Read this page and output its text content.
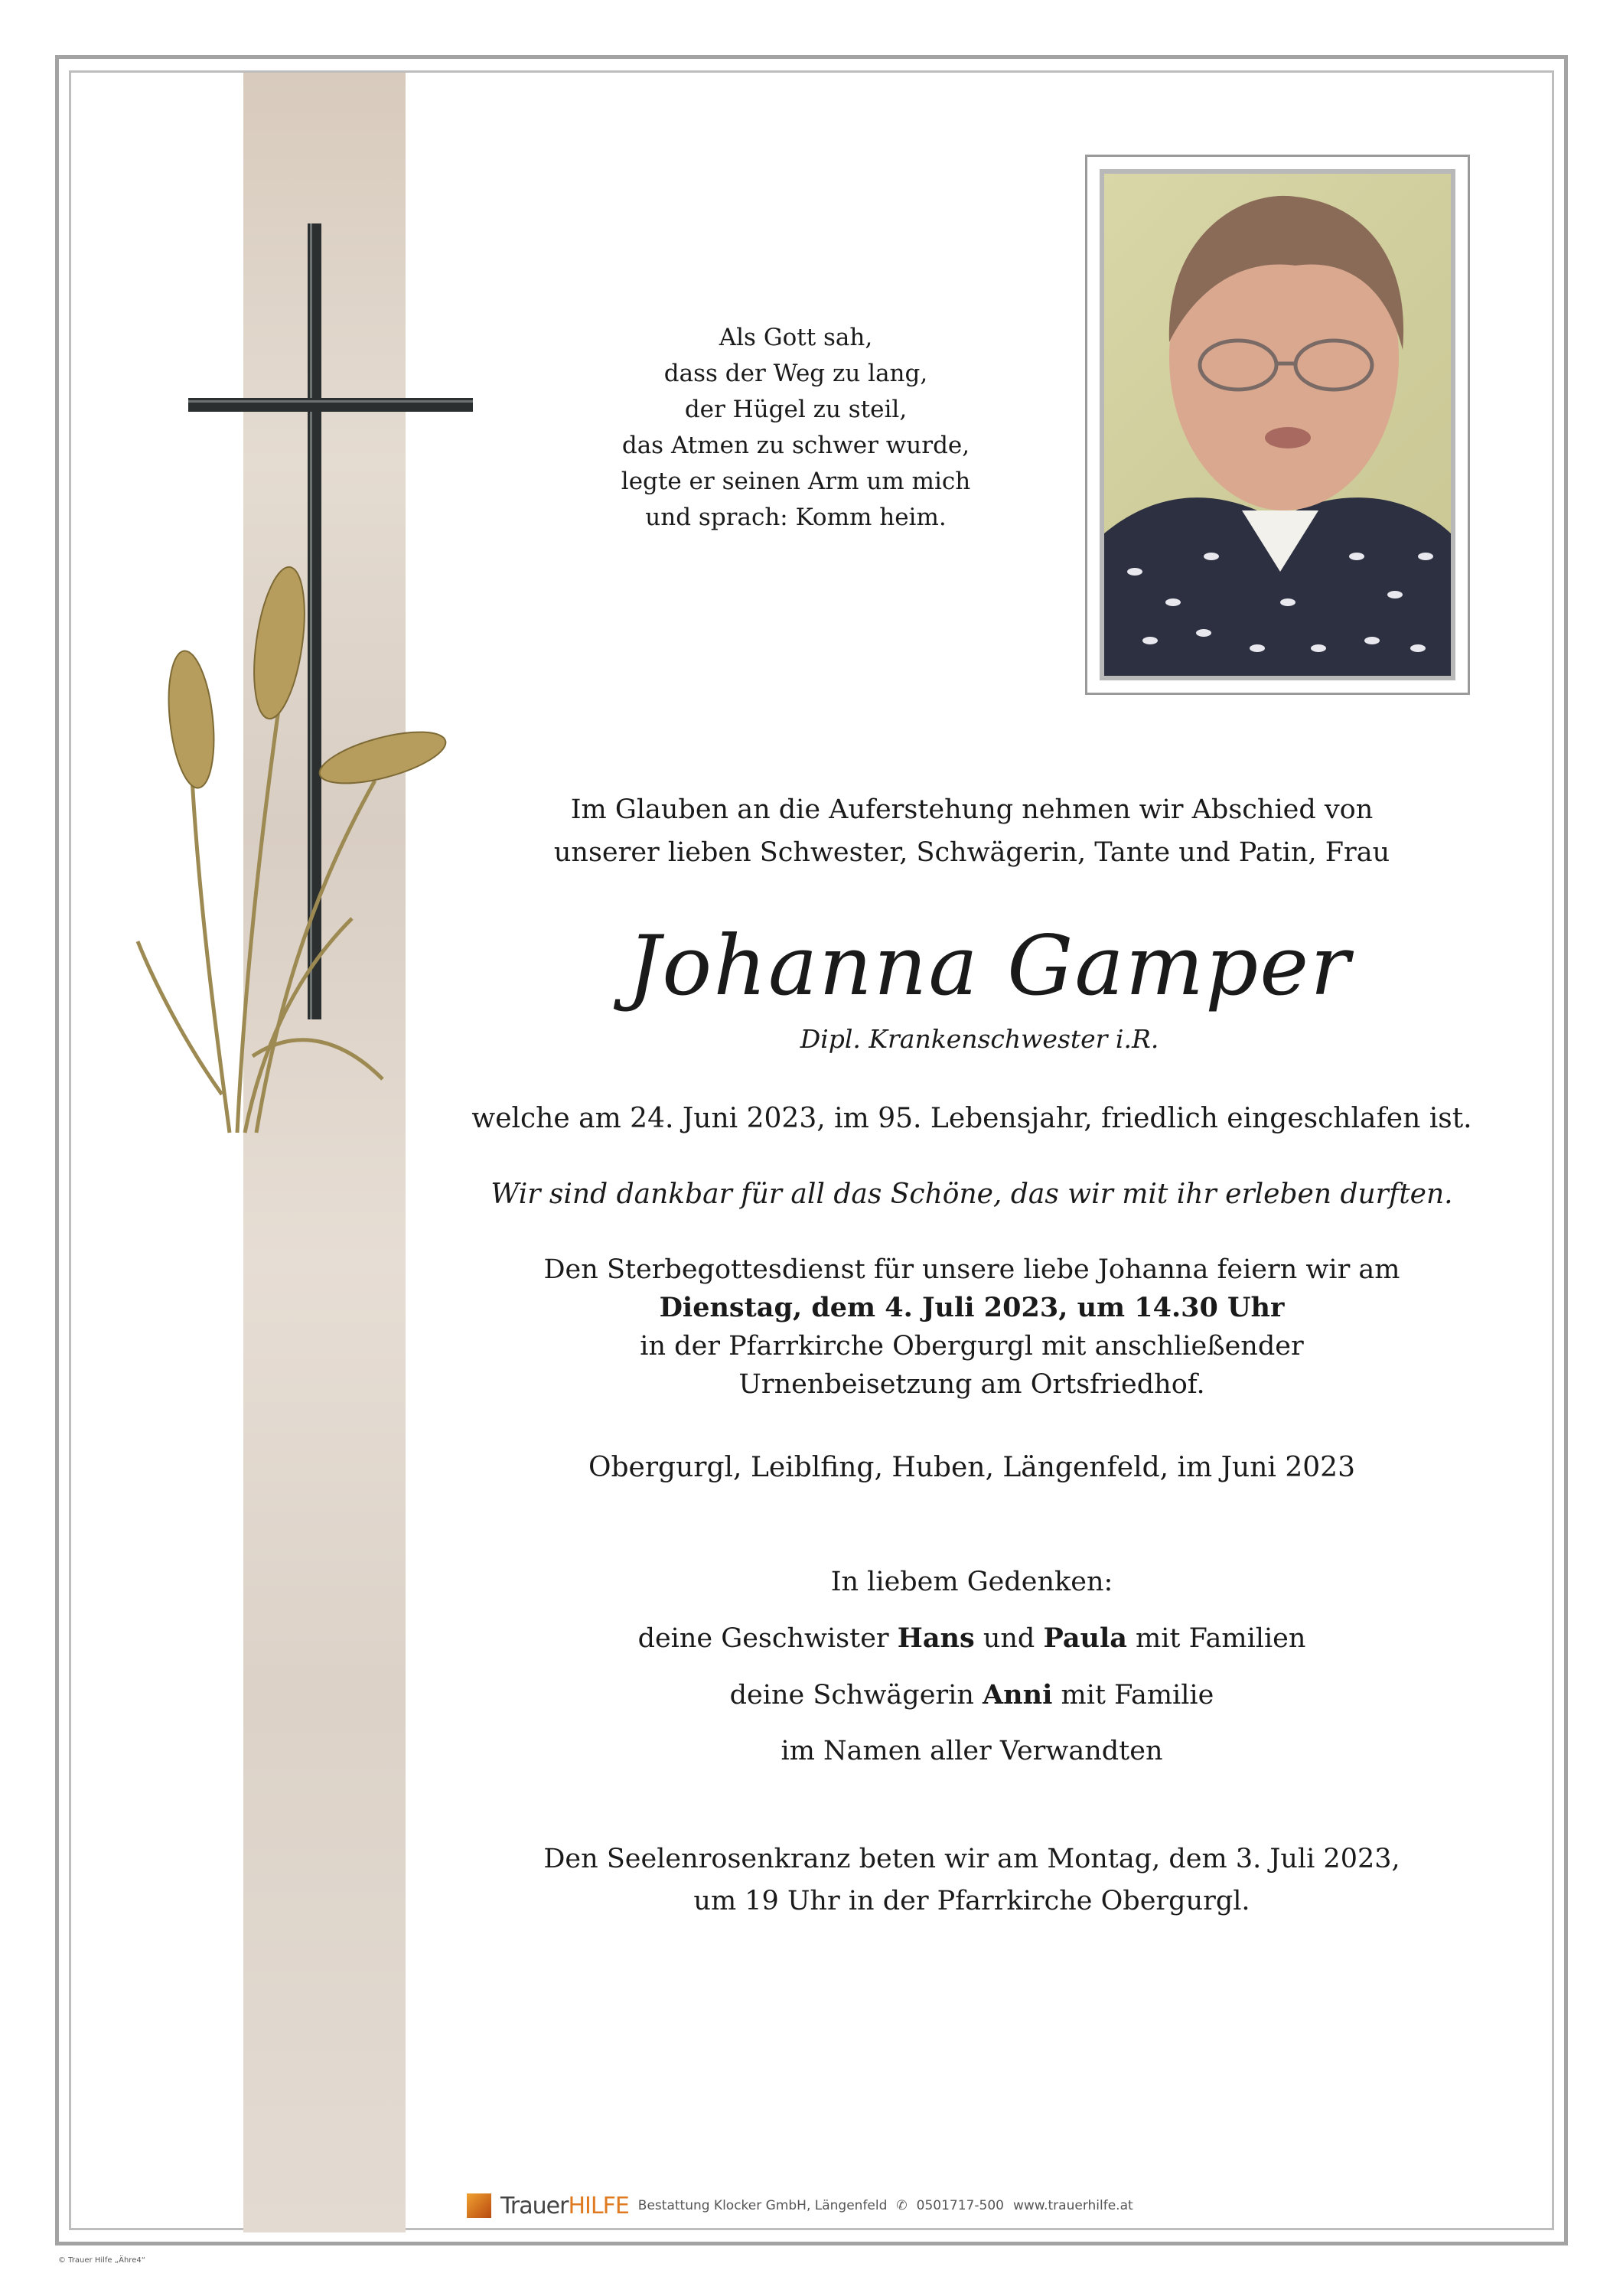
Als Gott sah,
dass der Weg zu lang,
der Hügel zu steil,
das Atmen zu schwer wurde,
legte er seinen Arm um mich
und sprach: Komm heim.
Im Glauben an die Auferstehung nehmen wir Abschied von
unserer lieben Schwester, Schwägerin, Tante und Patin, Frau
Johanna Gamper
Dipl. Krankenschwester i.R.
welche am 24. Juni 2023, im 95. Lebensjahr, friedlich eingeschlafen ist.
Wir sind dankbar für all das Schöne, das wir mit ihr erleben durften.
Den Sterbegottesdienst für unsere liebe Johanna feiern wir am
Dienstag, dem 4. Juli 2023, um 14.30 Uhr
in der Pfarrkirche Obergurgl mit anschließender
Urnenbeisetzung am Ortsfriedhof.
Obergurgl, Leiblfing, Huben, Längenfeld, im Juni 2023
In liebem Gedenken:
deine Geschwister Hans und Paula mit Familien
deine Schwägerin Anni mit Familie
im Namen aller Verwandten
Den Seelenrosenkranz beten wir am Montag, dem 3. Juli 2023,
um 19 Uhr in der Pfarrkirche Obergurgl.
TrauerHILFE Bestattung Klocker GmbH, Längenfeld ✆ 0501717-500 www.trauerhilfe.at
© Trauer Hilfe „Ähre4“
